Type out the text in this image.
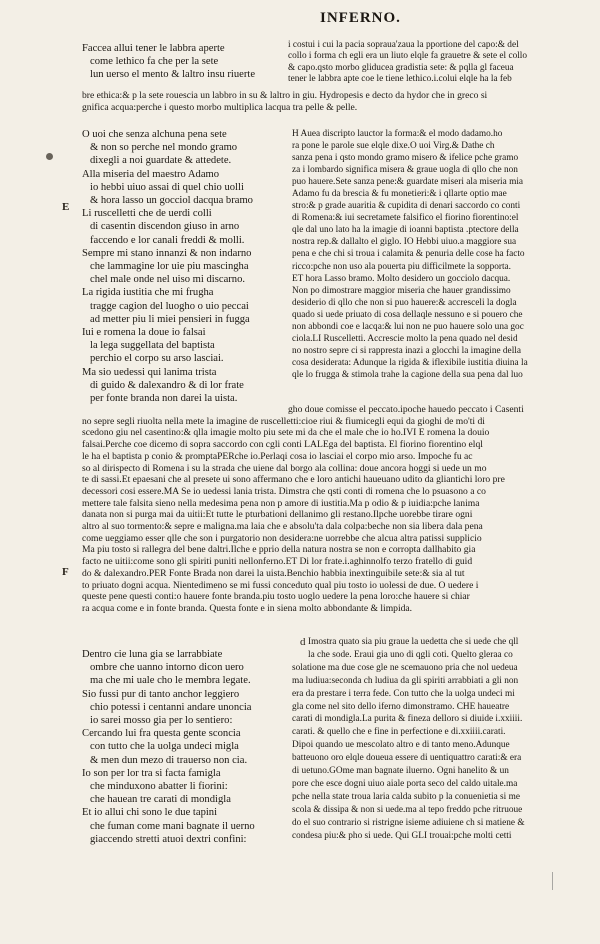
INFERNO.
E
F
d
Faccea allui tener le labbra aperte
come lethico fa che per la sete
lun uerso el mento & laltro insu riuerte
i costui i cui la pacia sopraua'zaua la pportione del capo:& del
collo i forma ch egli era un liuto elqle fa grauetre & sete el collo
& capo.qsto morbo gliducea gradistia sete: & pqlla gl faceua
tener le labbra apte coe le tiene lethico.i.colui elqle ha la feb
bre ethica:& p la sete rouescia un labbro in su & laltro in giu. Hydropesis e decto da hydor che in greco si
gnifica acqua:perche i questo morbo multiplica lacqua tra pelle & pelle.
O uoi che senza alchuna pena sete
& non so perche nel mondo gramo
dixegli a noi guardate & attedete.
Alla miseria del maestro Adamo
io hebbi uiuo assai di quel chio uolli
& hora lasso un gocciol dacqua bramo
Li ruscelletti che de uerdi colli
di casentin discendon giuso in arno
faccendo e lor canali freddi & molli.
Sempre mi stano innanzi & non indarno
che lammagine lor uie piu mascingha
chel male onde nel uiso mi discarno.
La rigida iustitia che mi frugha
tragge cagion del luogho o uio peccai
ad metter piu li miei pensieri in fugga
Iui e romena la doue io falsai
la lega suggellata del baptista
perchio el corpo su arso lasciai.
Ma sio uedessi qui lanima trista
di guido & dalexandro & di lor frate
per fonte branda non darei la uista.
H Auea discripto lauctor la forma:& el modo dadamo.ho
ra pone le parole sue elqle dixe.O uoi Virg.& Dathe ch
sanza pena i qsto mondo gramo misero & ifelice pche gramo
za i lombardo significa misera & graue uogla di qllo che non
puo hauere.Sete sanza pene:& guardate miseri ala miseria mia
Adamo fu da brescia & fu monetieri:& i qllarte optio mae
stro:& p grade auaritia & cupidita di denari saccordo co conti
di Romena:& iui secretamete falsifico el fiorino fiorentino:el
qle dal uno lato ha la imagie di ioanni baptista .ptectore della
nostra rep.& dallalto el giglo. IO Hebbi uiuo.a maggiore sua
pena e che chi si troua i calamita & penuria delle cose ha facto
ricco:pche non uso ala pouerta piu difficilmete la sopporta.
ET hora Lasso bramo. Molto desidero un gocciolo dacqua.
Non po dimostrare maggior miseria che hauer grandissimo
desiderio di qllo che non si puo hauere:& accresceli la dogla
quado si uede priuato di cosa dellaqle nessuno e si pouero che
non abbondi coe e lacqa:& lui non ne puo hauere solo una goc
ciola.LI Ruscelletti. Accrescie molto la pena quado nel desid
no nostro sepre ci si rappresta inazi a glocchi la imagine della
cosa desiderata: Adunque la rigida & iflexibile iustitia diuina la
qle lo frugga & stimola trahe la cagione della sua pena dal luo
gho doue comisse el peccato.ipoche hauedo peccato i Casenti
no sepre segli riuolta nella mete la imagine de ruscelletti:cioe riui & fiumicegli equi da gioghi de mo'ti di
scedono giu nel casentino:& qlla imagie molto piu sete mi da che el male che io ho.IVI E romena la douio
falsai.Perche coe dicemo di sopra saccordo con cgli conti LALEga del baptista. El fiorino fiorentino elql
le ha el baptista p conio & promptaPERche io.Perlaqi cosa io lasciai el corpo mio arso. Impoche fu ac
so al dirispecto di Romena i su la strada che uiene dal borgo ala collina: doue ancora hoggi si uede un mo
te di sassi.Et epaesani che al presete ui sono affermano che e loro antichi haueuano udito da gliantichi loro pre
decessori cosi essere.MA Se io uedessi lania trista. Dimstra che qsti conti di romena che lo psuasono a co
mettere tale falsita sieno nella medesima pena non p amore di iustitia.Ma p odio & p iuidia:pche lanima
danata non si purga mai da uitii:Et tutte le pturbationi dellanimo gli restano.Ilpche uorebbe tirare ogni
altro al suo tormento:& sepre e maligna.ma laia che e absolu'ta dala colpa:beche non sia libera dala pena
come ueggiamo esser qlle che son i purgatorio non desidera:ne uorrebbe che alcua altra patissi supplicio
Ma piu tosto si rallegra del bene daltri.Ilche e pprio della natura nostra se non e corropta dallhabito gia
facto ne uitii:come sono gli spiriti puniti nellonferno.ET Di lor frate.i.aghinnolfo terzo fratello di guid
do & dalexandro.PER Fonte Brada non darei la uista.Benchio habbia inextinguibile sete:& sia al tut
to priuato dogni acqua. Nientedimeno se mi fussi conceduto qual piu tosto io uolessi de due. O uedere i
queste pene questi conti:o hauere fonte branda.piu tosto uoglo uedere la pena loro:che hauere si chiar
ra acqua come e in fonte branda. Questa fonte e in siena molto abbondante & limpida.
Dentro cie luna gia se larrabbiate
ombre che uanno intorno dicon uero
ma che mi uale cho le membra legate.
Sio fussi pur di tanto anchor leggiero
chio potessi i centanni andare unoncia
io sarei mosso gia per lo sentiero:
Cercando lui fra questa gente sconcia
con tutto che la uolga undeci migla
& men dun mezo di trauerso non cia.
Io son per lor tra si facta famigla
che minduxono abatter li fiorini:
che hauean tre carati di mondigla
Et io allui chi sono le due tapini
che fuman come mani bagnate il uerno
giaccendo stretti atuoi dextri confini:
Imostra quato sia piu graue la uedetta che si uede che qll
la che sode. Eraui gia uno di qgli coti. Quelto gleraa co
solatione ma due cose gle ne scemauono pria che nol uedeua
ma ludiua:seconda ch ludiua da gli spiriti arrabbiati a gli non
era da prestare i terra fede. Con tutto che la uolga undeci mi
gla come nel sito dello iferno dimonstramo. CHE haueatre
carati di mondigla.La purita & fineza delloro si diuide i.xxiiii.
carati. & quello che e fine in perfectione e di.xxiiii.carati.
Dipoi quando ue mescolato altro e di tanto meno.Adunque
batteuono oro elqle doueua essere di uentiquattro carati:& era
di uetuno.GOme man bagnate iluerno. Ogni hanelito & un
pore che esce dogni uiuo aiale porta seco del caldo uitale.ma
pche nella state troua laria calda subito p la conuenietia si me
scola & dissipa & non si uede.ma al tepo freddo pche ritruoue
do el suo contrario si ristrigne isieme adiuiene ch si matiene &
condesa piu:& pho si uede. Qui GLI trouai:pche molti cetti
